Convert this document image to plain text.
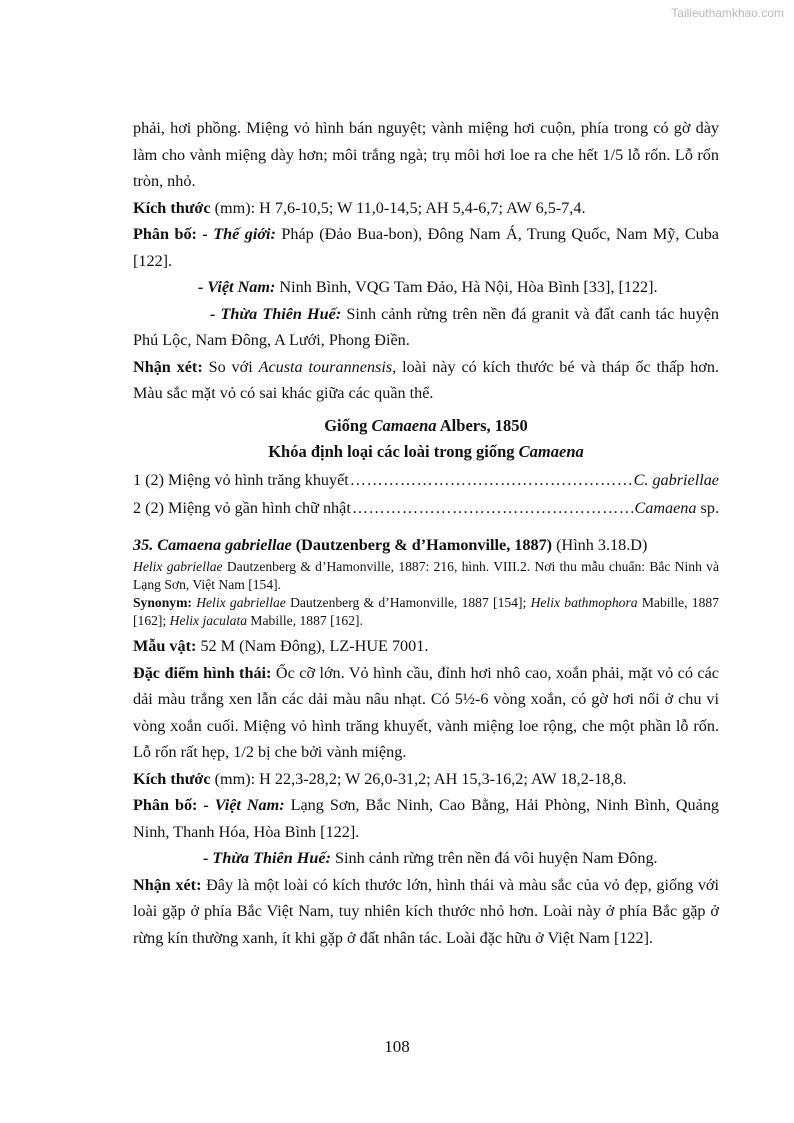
Tailieuthamkhao.com

phải, hơi phồng. Miệng vỏ hình bán nguyệt; vành miệng hơi cuộn, phía trong có gờ dày làm cho vành miệng dày hơn; môi trắng ngà; trụ môi hơi loe ra che hết 1/5 lỗ rốn. Lỗ rốn tròn, nhỏ.

Kích thước (mm): H 7,6-10,5; W 11,0-14,5; AH 5,4-6,7; AW 6,5-7,4.

Phân bố: - Thế giới: Pháp (Đảo Bua-bon), Đông Nam Á, Trung Quốc, Nam Mỹ, Cuba [122].

- Việt Nam: Ninh Bình, VQG Tam Đảo, Hà Nội, Hòa Bình [33], [122].

- Thừa Thiên Huế: Sinh cảnh rừng trên nền đá granit và đất canh tác huyện Phú Lộc, Nam Đông, A Lưới, Phong Điền.

Nhận xét: So với Acusta tourannensis, loài này có kích thước bé và tháp ốc thấp hơn. Màu sắc mặt vỏ có sai khác giữa các quần thể.

Giống Camaena Albers, 1850

Khóa định loại các loài trong giống Camaena

1 (2) Miệng vỏ hình trăng khuyết …………………………………………………………………………………………………………	C. gabriellae
2 (2) Miệng vỏ gần hình chữ nhật …………………………………………………………………………………………………………	Camaena sp.

35. Camaena gabriellae (Dautzenberg & d’Hamonville, 1887) (Hình 3.18.D)

Helix gabriellae Dautzenberg & d’Hamonville, 1887: 216, hình. VIII.2. Nơi thu mẫu chuẩn: Bắc Ninh và Lạng Sơn, Việt Nam [154].

Synonym: Helix gabriellae Dautzenberg & d’Hamonville, 1887 [154]; Helix bathmophora Mabille, 1887 [162]; Helix jaculata Mabille, 1887 [162].

Mẫu vật: 52 M (Nam Đông), LZ-HUE 7001.

Đặc điểm hình thái: Ốc cỡ lớn. Vỏ hình cầu, đỉnh hơi nhô cao, xoắn phải, mặt vỏ có các dải màu trắng xen lẫn các dải màu nâu nhạt. Có 5½-6 vòng xoắn, có gờ hơi nổi ở chu vi vòng xoắn cuối. Miệng vỏ hình trăng khuyết, vành miệng loe rộng, che một phần lỗ rốn. Lỗ rốn rất hẹp, 1/2 bị che bởi vành miệng.

Kích thước (mm): H 22,3-28,2; W 26,0-31,2; AH 15,3-16,2; AW 18,2-18,8.

Phân bố: - Việt Nam: Lạng Sơn, Bắc Ninh, Cao Bằng, Hải Phòng, Ninh Bình, Quảng Ninh, Thanh Hóa, Hòa Bình [122].

- Thừa Thiên Huế: Sinh cảnh rừng trên nền đá vôi huyện Nam Đông.

Nhận xét: Đây là một loài có kích thước lớn, hình thái và màu sắc của vỏ đẹp, giống với loài gặp ở phía Bắc Việt Nam, tuy nhiên kích thước nhỏ hơn. Loài này ở phía Bắc gặp ở rừng kín thường xanh, ít khi gặp ở đất nhân tác. Loài đặc hữu ở Việt Nam [122].

108
